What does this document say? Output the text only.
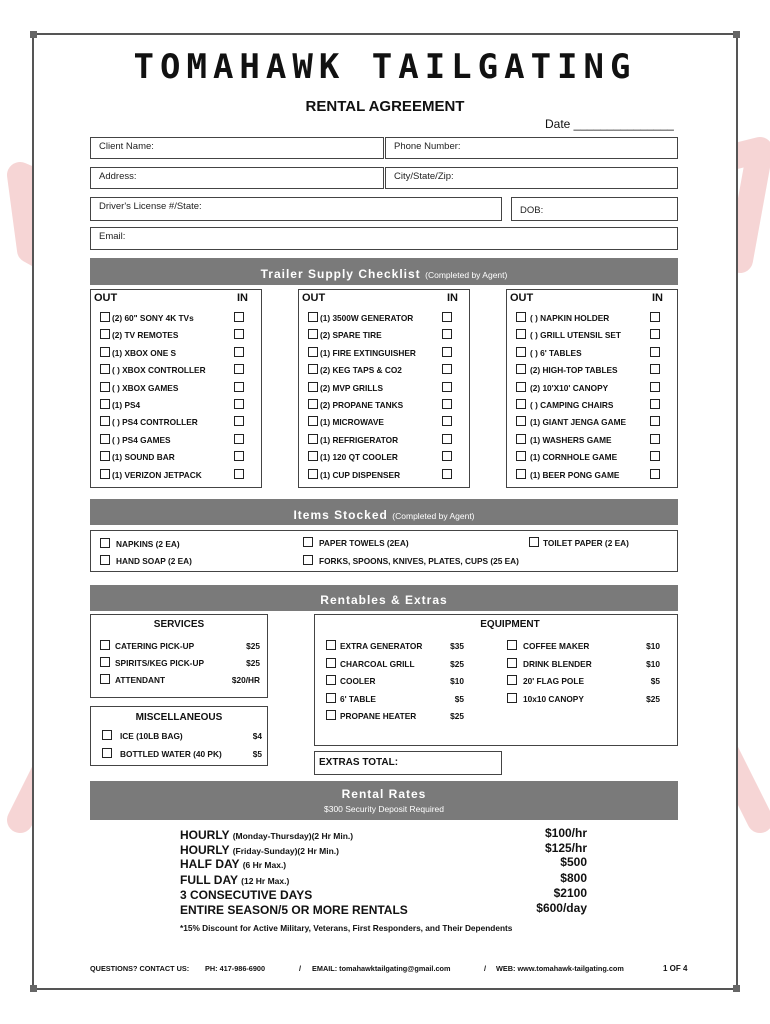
TOMAHAWK TAILGATING
RENTAL AGREEMENT
Date _______________
Client Name:	Phone Number:
Address:	City/State/Zip:
Driver's License #/State:	DOB:
Email:
Trailer Supply Checklist (Completed by Agent)
Items Stocked (Completed by Agent)
NAPKINS (2 EA)	PAPER TOWELS (2EA)	TOILET PAPER (2 EA)
HAND SOAP (2 EA)	FORKS, SPOONS, KNIVES, PLATES, CUPS (25 EA)
Rentables & Extras
SERVICES
MISCELLANEOUS
EQUIPMENT
EXTRAS TOTAL:
Rental Rates
$300 Security Deposit Required
*15% Discount for Active Military, Veterans, First Responders, and Their Dependents
QUESTIONS? CONTACT US: PH: 417-986-6900	/ EMAIL: tomahawktailgating@gmail.com	/ WEB: www.tomahawk-tailgating.com	1 OF 4
OUT	IN
(2) 60" SONY 4K TVs
(2) TV REMOTES
(1) XBOX ONE S
( ) XBOX CONTROLLER
( ) XBOX GAMES
(1) PS4
( ) PS4 CONTROLLER
( ) PS4 GAMES
(1) SOUND BAR
(1) VERIZON JETPACK
OUT	IN
(1) 3500W GENERATOR
(2) SPARE TIRE
(1) FIRE EXTINGUISHER
(2) KEG TAPS & CO2
(2) MVP GRILLS
(2) PROPANE TANKS
(1) MICROWAVE
(1) REFRIGERATOR
(1) 120 QT COOLER
(1) CUP DISPENSER
OUT	IN
( ) NAPKIN HOLDER
( ) GRILL UTENSIL SET
( ) 6' TABLES
(2) HIGH-TOP TABLES
(2) 10'X10' CANOPY
( ) CAMPING CHAIRS
(1) GIANT JENGA GAME
(1) WASHERS GAME
(1) CORNHOLE GAME
(1) BEER PONG GAME
CATERING PICK-UP	$25
SPIRITS/KEG PICK-UP	$25
ATTENDANT	$20/HR
ICE (10LB BAG)	$4
BOTTLED WATER (40 PK)	$5
EXTRA GENERATOR	$35
CHARCOAL GRILL	$25
COOLER	$10
6' TABLE	$5
PROPANE HEATER	$25
COFFEE MAKER	$10
DRINK BLENDER	$10
20' FLAG POLE	$5
10x10 CANOPY	$25
HOURLY (Monday-Thursday)(2 Hr Min.)	$100/hr
HOURLY (Friday-Sunday)(2 Hr Min.)	$125/hr
HALF DAY (6 Hr Max.)	$500
FULL DAY (12 Hr Max.)	$800
3 CONSECUTIVE DAYS	$2100
ENTIRE SEASON/5 OR MORE RENTALS	$600/day
